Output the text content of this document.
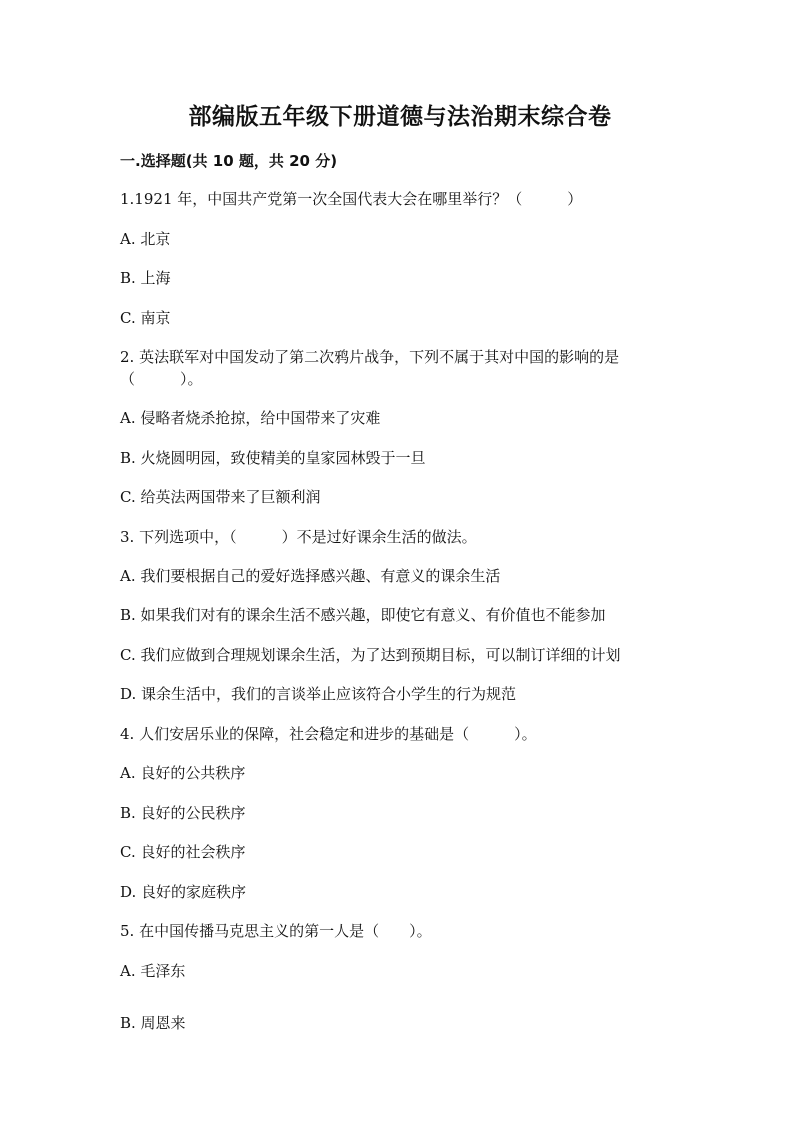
部编版五年级下册道德与法治期末综合卷
一.选择题(共 10 题，共 20 分)
1.1921 年，中国共产党第一次全国代表大会在哪里举行？（　　　）
A. 北京
B. 上海
C. 南京
2. 英法联军对中国发动了第二次鸦片战争，下列不属于其对中国的影响的是
（　　　）。
A. 侵略者烧杀抢掠，给中国带来了灾难
B. 火烧圆明园，致使精美的皇家园林毁于一旦
C. 给英法两国带来了巨额利润
3. 下列选项中，（　　　）不是过好课余生活的做法。
A. 我们要根据自己的爱好选择感兴趣、有意义的课余生活
B. 如果我们对有的课余生活不感兴趣，即使它有意义、有价值也不能参加
C. 我们应做到合理规划课余生活，为了达到预期目标，可以制订详细的计划
D. 课余生活中，我们的言谈举止应该符合小学生的行为规范
4. 人们安居乐业的保障，社会稳定和进步的基础是（　　　）。
A. 良好的公共秩序
B. 良好的公民秩序
C. 良好的社会秩序
D. 良好的家庭秩序
5. 在中国传播马克思主义的第一人是（　　）。
A. 毛泽东
B. 周恩来
